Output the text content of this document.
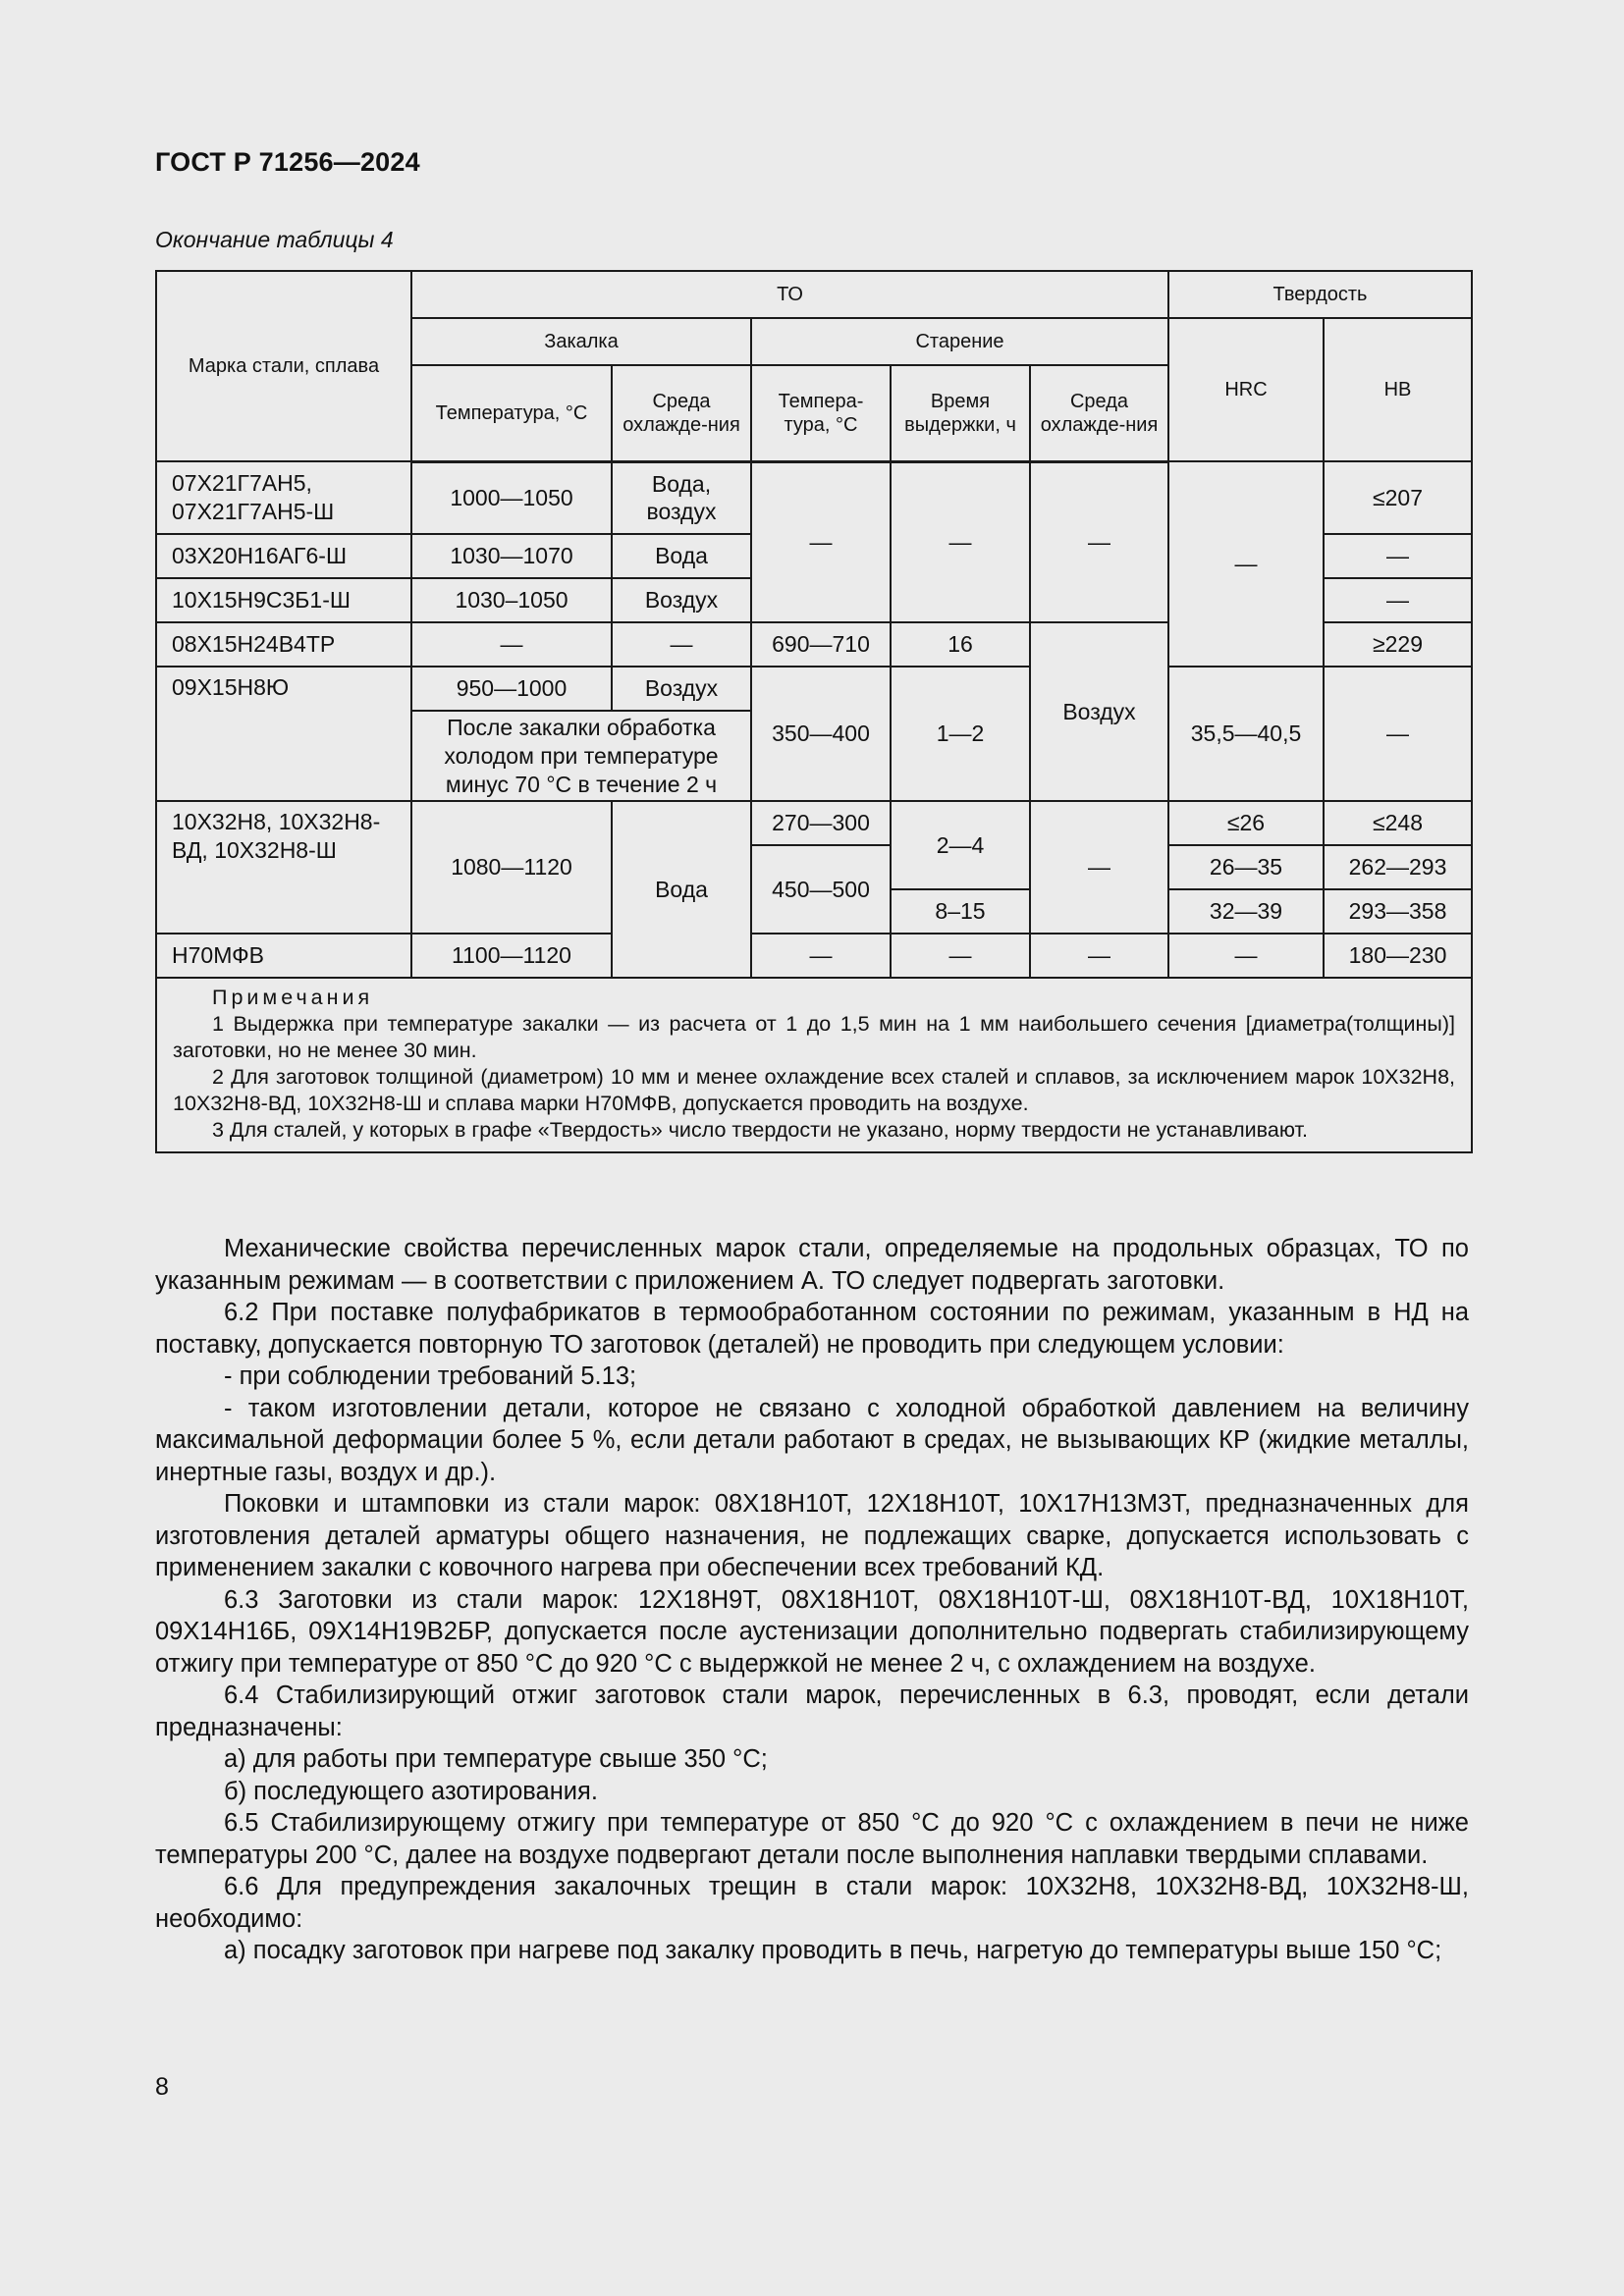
ГОСТ Р 71256—2024
Окончание таблицы 4
Марка стали, сплава	ТО					Твердость	
	Закалка		Старение			HRC	HB
	Температура, °С	Среда охлажде-ния	Темпера-тура, °С	Время выдержки, ч	Среда охлажде-ния		
07Х21Г7АН5, 07Х21Г7АН5-Ш	1000—1050	Вода, воздух	—	—	—	—	≤207
03Х20Н16АГ6-Ш	1030—1070	Вода					—
10Х15Н9С3Б1-Ш	1030–1050	Воздух					—
08Х15Н24В4ТР	—	—	690—710	16	Воздух		≥229
09Х15Н8Ю	950—1000	Воздух	350—400	1—2		35,5—40,5	—
	После закалки обработка холодом при температуре минус 70 °С в течение 2 ч						
10Х32Н8, 10Х32Н8-ВД, 10Х32Н8-Ш	1080—1120	Вода	270—300	2—4	—	≤26	≤248
			450—500			26—35	262—293
				8–15		32—39	293—358
Н70МФВ	1100—1120		—	—	—	—	180—230

Примечания

1 Выдержка при температуре закалки — из расчета от 1 до 1,5 мин на 1 мм наибольшего сечения [диаметра(толщины)] заготовки, но не менее 30 мин.

2 Для заготовок толщиной (диаметром) 10 мм и менее охлаждение всех сталей и сплавов, за исключением марок 10Х32Н8, 10Х32Н8-ВД, 10Х32Н8-Ш и сплава марки Н70МФВ, допускается проводить на воздухе.

3 Для сталей, у которых в графе «Твердость» число твердости не указано, норму твердости не устанавливают.							

Механические свойства перечисленных марок стали, определяемые на продольных образцах, ТО по указанным режимам — в соответствии с приложением А. ТО следует подвергать заготовки.

6.2 При поставке полуфабрикатов в термообработанном состоянии по режимам, указанным в НД на поставку, допускается повторную ТО заготовок (деталей) не проводить при следующем условии:

- при соблюдении требований 5.13;

- таком изготовлении детали, которое не связано с холодной обработкой давлением на величину максимальной деформации более 5 %, если детали работают в средах, не вызывающих КР (жидкие металлы, инертные газы, воздух и др.).

Поковки и штамповки из стали марок: 08Х18Н10Т, 12Х18Н10Т, 10Х17Н13М3Т, предназначенных для изготовления деталей арматуры общего назначения, не подлежащих сварке, допускается использовать с применением закалки с ковочного нагрева при обеспечении всех требований КД.

6.3 Заготовки из стали марок: 12Х18Н9Т, 08Х18Н10Т, 08Х18Н10Т-Ш, 08Х18Н10Т-ВД, 10Х18Н10Т, 09Х14Н16Б, 09Х14Н19В2БР, допускается после аустенизации дополнительно подвергать стабилизирующему отжигу при температуре от 850 °С до 920 °С с выдержкой не менее 2 ч, с охлаждением на воздухе.

6.4 Стабилизирующий отжиг заготовок стали марок, перечисленных в 6.3, проводят, если детали предназначены:

а) для работы при температуре свыше 350 °С;

б) последующего азотирования.

6.5 Стабилизирующему отжигу при температуре от 850 °С до 920 °С с охлаждением в печи не ниже температуры 200 °С, далее на воздухе подвергают детали после выполнения наплавки твердыми сплавами.

6.6 Для предупреждения закалочных трещин в стали марок: 10Х32Н8, 10Х32Н8-ВД, 10Х32Н8-Ш, необходимо:

а) посадку заготовок при нагреве под закалку проводить в печь, нагретую до температуры выше 150 °С;

8
